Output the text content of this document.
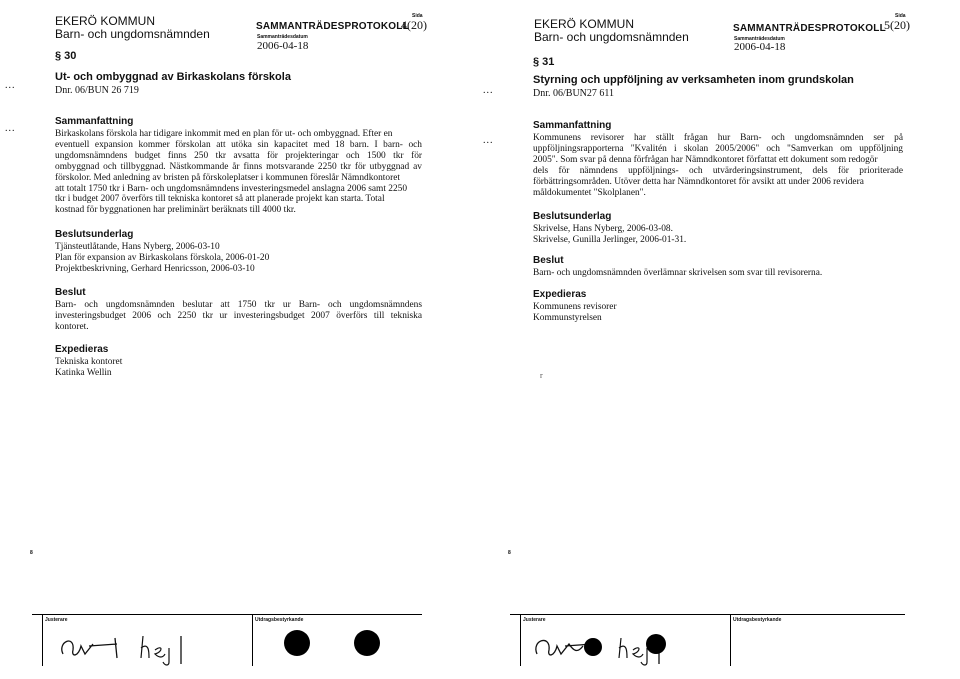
EKERÖ KOMMUN
Barn- och ungdomsnämnden
SAMMANTRÄDESPROTOKOLL
Sammanträdesdatum
2006-04-18
Sida
4(20)
§ 30
Ut- och ombyggnad av Birkaskolans förskola
Dnr. 06/BUN 26 719
...
...
Sammanfattning
Birkaskolans förskola har tidigare inkommit med en plan för ut- och ombyggnad. Efter en
eventuell expansion kommer förskolan att utöka sin kapacitet med 18 barn. I barn- och
ungdomsnämndens budget finns 250 tkr avsatta för projekteringar och 1500 tkr för
ombyggnad och tillbyggnad. Nästkommande år finns motsvarande 2250 tkr för utbyggnad av
förskolor. Med anledning av bristen på förskoleplatser i kommunen föreslår Nämndkontoret
att totalt 1750 tkr i Barn- och ungdomsnämndens investeringsmedel anslagna 2006 samt 2250
tkr i budget 2007 överförs till tekniska kontoret så att planerade projekt kan starta. Total
kostnad för byggnationen har preliminärt beräknats till 4000 tkr.
Beslutsunderlag
Tjänsteutlåtande, Hans Nyberg, 2006-03-10
Plan för expansion av Birkaskolans förskola, 2006-01-20
Projektbeskrivning, Gerhard Henricsson, 2006-03-10
Beslut
Barn- och ungdomsnämnden beslutar att 1750 tkr ur Barn- och ungdomsnämndens
investeringsbudget 2006 och 2250 tkr ur investeringsbudget 2007 överförs till tekniska
kontoret.
Expedieras
Tekniska kontoret
Katinka Wellin
8
Justerare	Utdragsbestyrkande
EKERÖ KOMMUN
Barn- och ungdomsnämnden
SAMMANTRÄDESPROTOKOLL
Sammanträdesdatum
2006-04-18
Sida
5(20)
§ 31
Styrning och uppföljning av verksamheten inom grundskolan
Dnr. 06/BUN27 611
...
...
Sammanfattning
Kommunens revisorer har ställt frågan hur Barn- och ungdomsnämnden ser på
uppföljningsrapporterna "Kvalitén i skolan 2005/2006" och "Samverkan om uppföljning
2005". Som svar på denna förfrågan har Nämndkontoret författat ett dokument som redogör
dels för nämndens uppföljnings- och utvärderingsinstrument, dels för prioriterade
förbättringsområden. Utöver detta har Nämndkontoret för avsikt att under 2006 revidera
måldokumentet "Skolplanen".
Beslutsunderlag
Skrivelse, Hans Nyberg, 2006-03-08.
Skrivelse, Gunilla Jerlinger, 2006-01-31.
Beslut
Barn- och ungdomsnämnden överlämnar skrivelsen som svar till revisorerna.
Expedieras
Kommunens revisorer
Kommunstyrelsen
r
8
Justerare	Utdragsbestyrkande
